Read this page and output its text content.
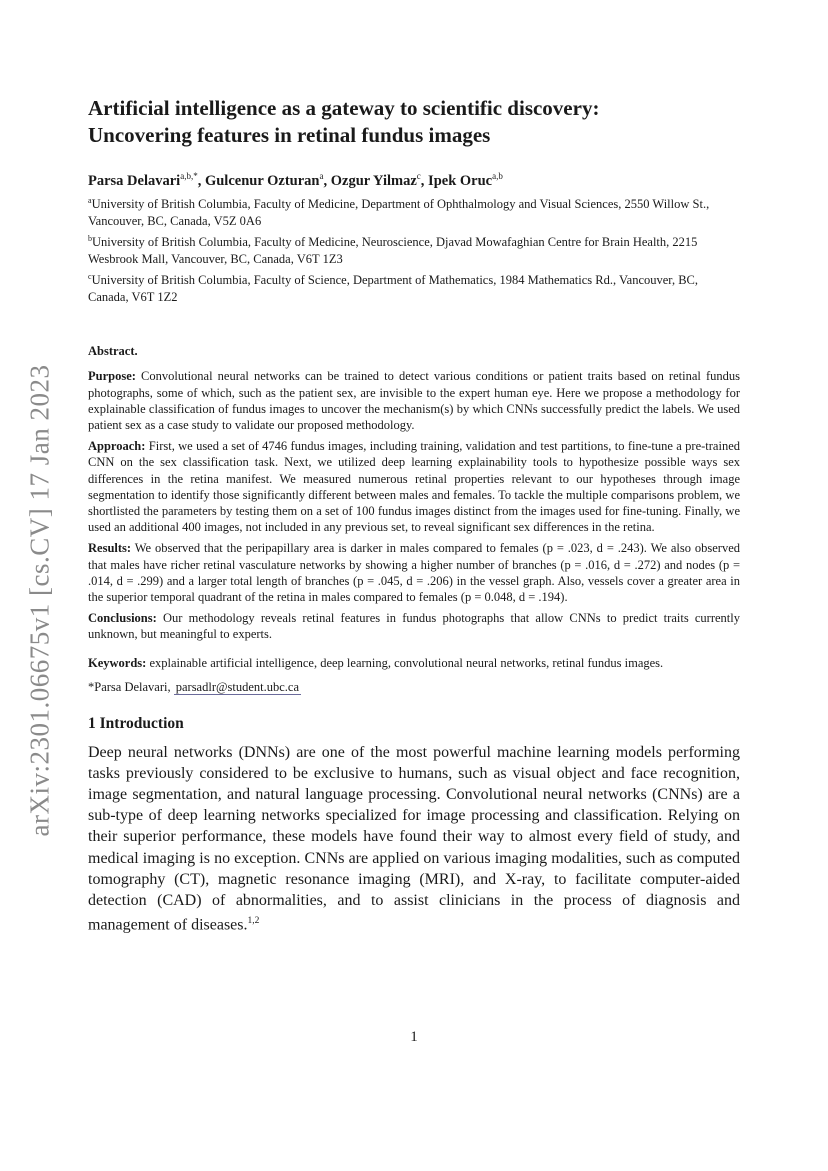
arXiv:2301.06675v1 [cs.CV] 17 Jan 2023
Artificial intelligence as a gateway to scientific discovery:
Uncovering features in retinal fundus images
Parsa Delavari$^{a,b,*}$, Gulcenur Ozturan$^a$, Ozgur Yilmaz$^c$, Ipek Oruc$^{a,b}$
$^a$University of British Columbia, Faculty of Medicine, Department of Ophthalmology and Visual Sciences, 2550 Willow St., Vancouver, BC, Canada, V5Z 0A6
$^b$University of British Columbia, Faculty of Medicine, Neuroscience, Djavad Mowafaghian Centre for Brain Health, 2215 Wesbrook Mall, Vancouver, BC, Canada, V6T 1Z3
$^c$University of British Columbia, Faculty of Science, Department of Mathematics, 1984 Mathematics Rd., Vancouver, BC, Canada, V6T 1Z2
Abstract.

Purpose: Convolutional neural networks can be trained to detect various conditions or patient traits based on retinal fundus photographs, some of which, such as the patient sex, are invisible to the expert human eye. Here we propose a methodology for explainable classification of fundus images to uncover the mechanism(s) by which CNNs successfully predict the labels. We used patient sex as a case study to validate our proposed methodology.

Approach: First, we used a set of 4746 fundus images, including training, validation and test partitions, to fine-tune a pre-trained CNN on the sex classification task. Next, we utilized deep learning explainability tools to hypothesize possible ways sex differences in the retina manifest. We measured numerous retinal properties relevant to our hypotheses through image segmentation to identify those significantly different between males and females. To tackle the multiple comparisons problem, we shortlisted the parameters by testing them on a set of 100 fundus images distinct from the images used for fine-tuning. Finally, we used an additional 400 images, not included in any previous set, to reveal significant sex differences in the retina.

Results: We observed that the peripapillary area is darker in males compared to females (p = .023, d = .243). We also observed that males have richer retinal vasculature networks by showing a higher number of branches (p = .016, d = .272) and nodes (p = .014, d = .299) and a larger total length of branches (p = .045, d = .206) in the vessel graph. Also, vessels cover a greater area in the superior temporal quadrant of the retina in males compared to females (p = 0.048, d = .194).

Conclusions: Our methodology reveals retinal features in fundus photographs that allow CNNs to predict traits currently unknown, but meaningful to experts.

Keywords: explainable artificial intelligence, deep learning, convolutional neural networks, retinal fundus images.
*Parsa Delavari, parsadlr@student.ubc.ca
1 Introduction
Deep neural networks (DNNs) are one of the most powerful machine learning models performing tasks previously considered to be exclusive to humans, such as visual object and face recognition, image segmentation, and natural language processing. Convolutional neural networks (CNNs) are a sub-type of deep learning networks specialized for image processing and classification. Relying on their superior performance, these models have found their way to almost every field of study, and medical imaging is no exception. CNNs are applied on various imaging modalities, such as computed tomography (CT), magnetic resonance imaging (MRI), and X-ray, to facilitate computer-aided detection (CAD) of abnormalities, and to assist clinicians in the process of diagnosis and management of diseases.$^{1,2}$
1
